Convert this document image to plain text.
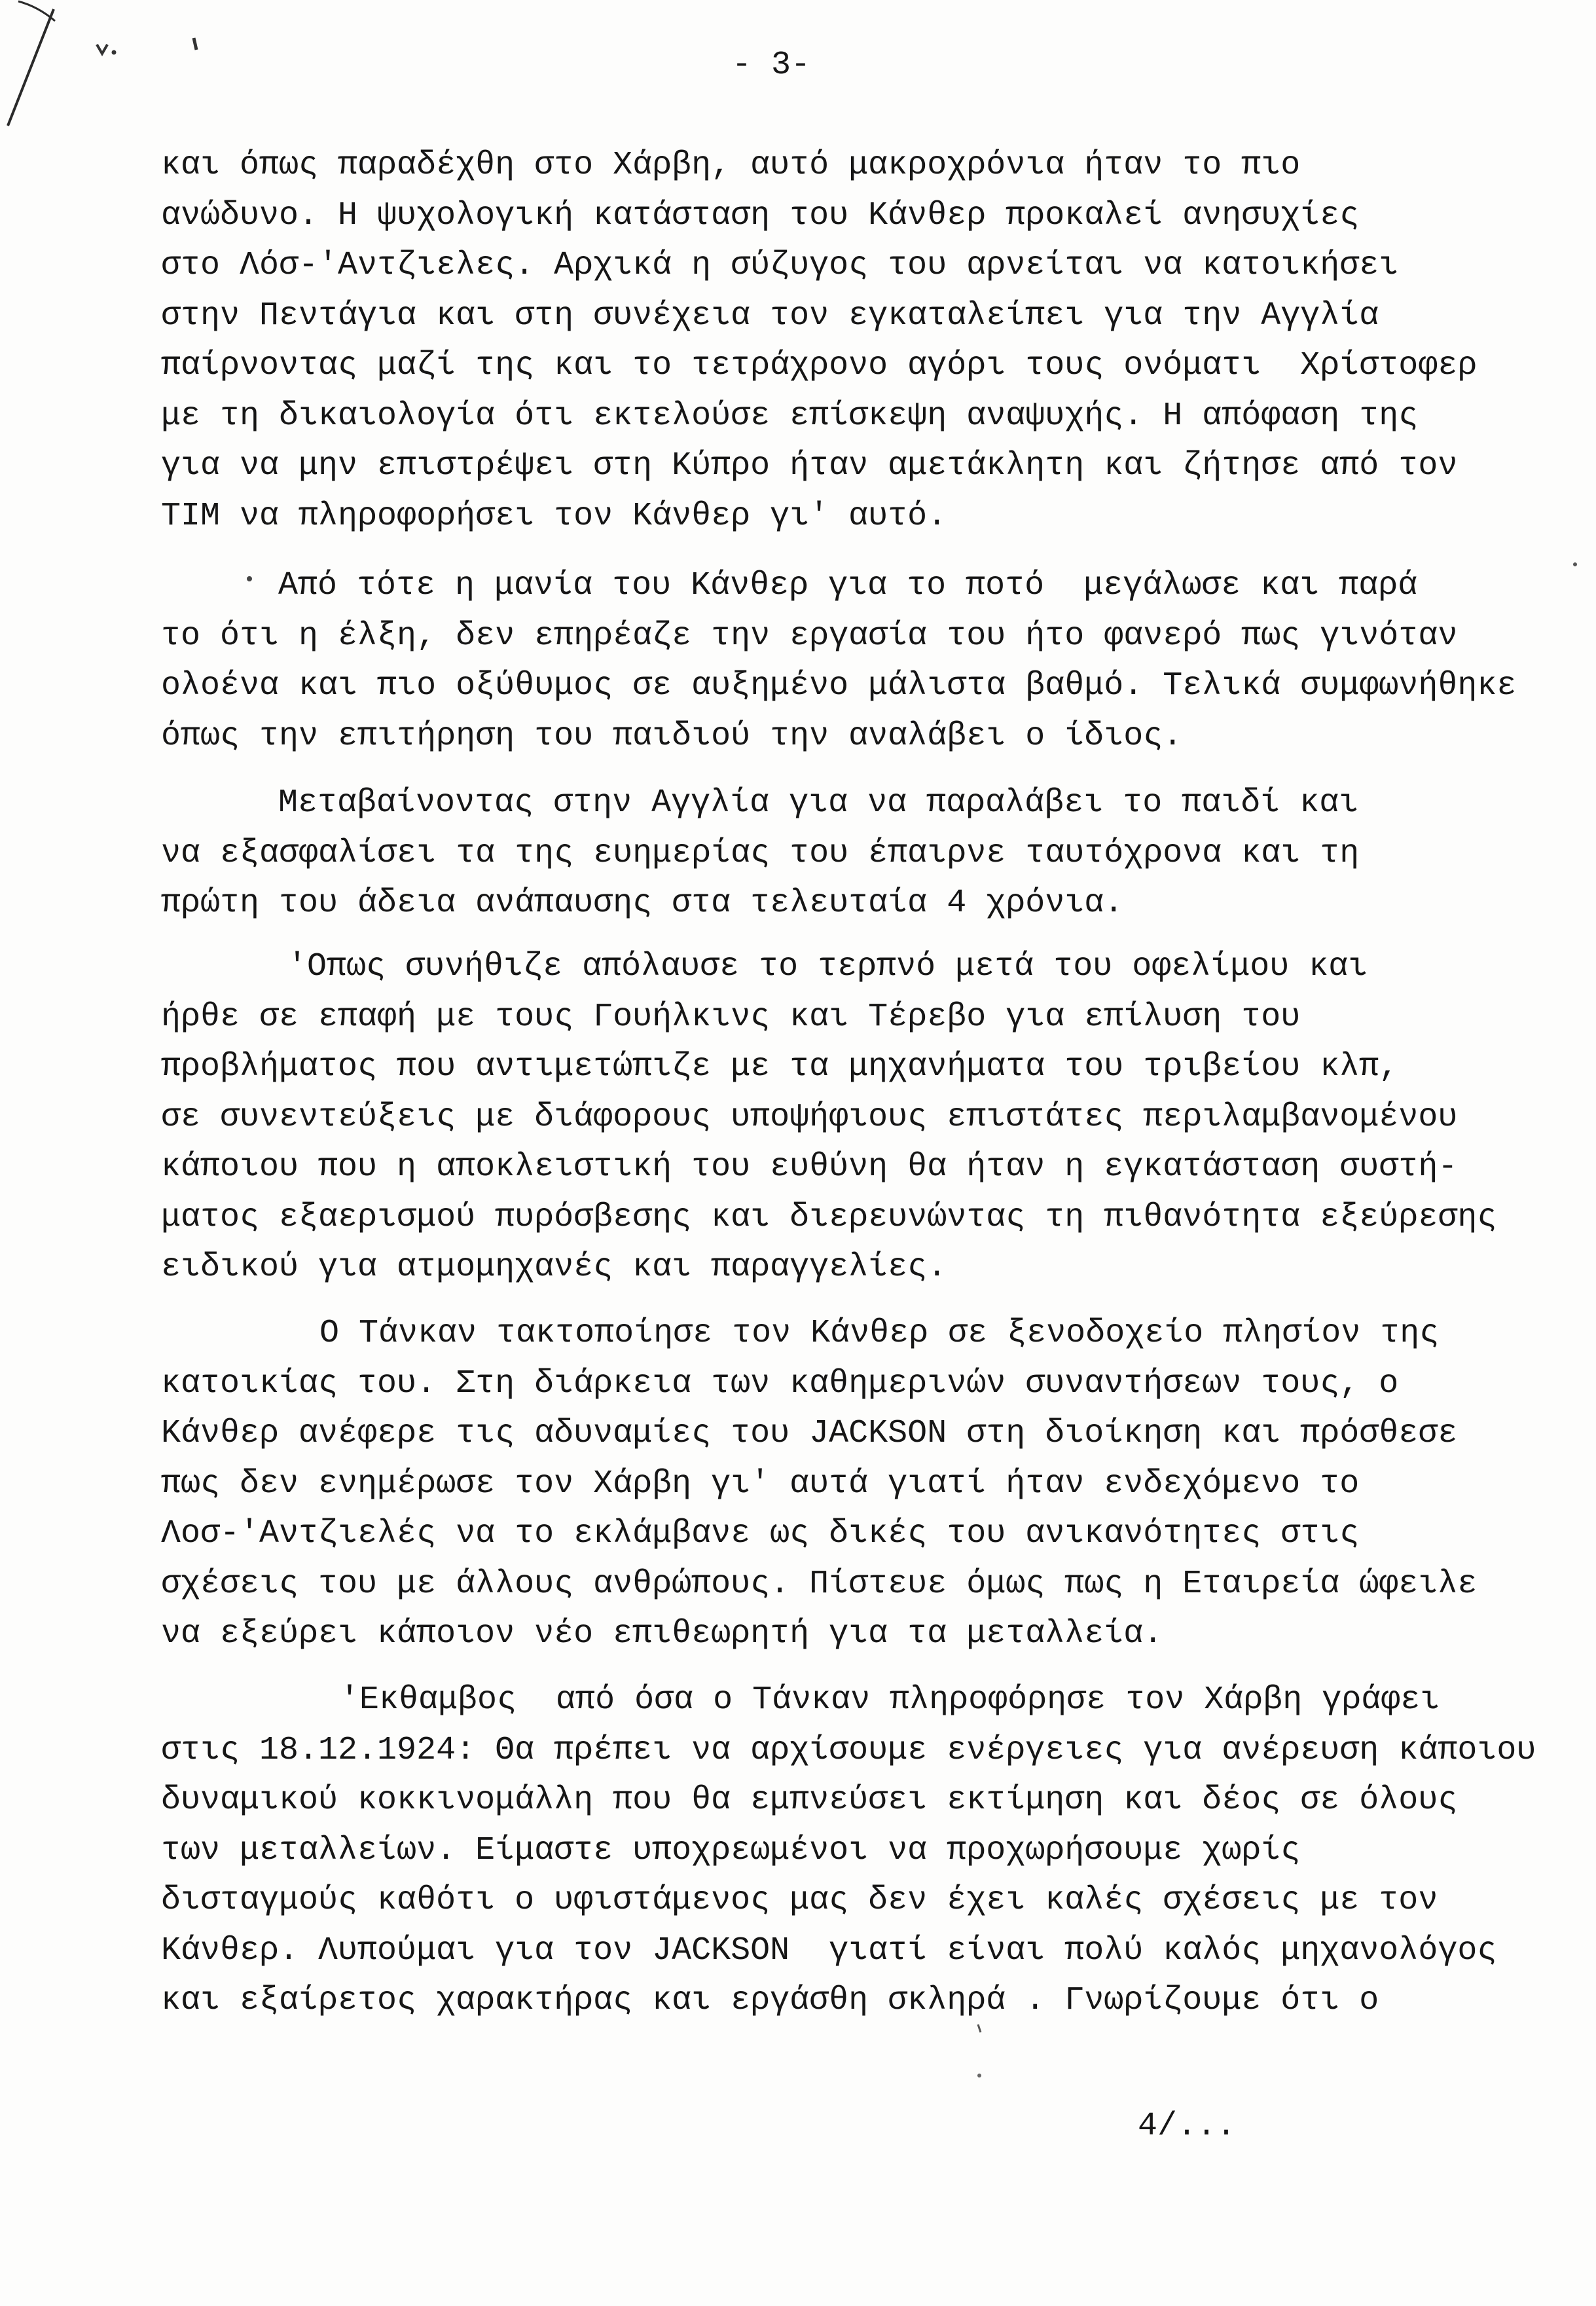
- 3-
και όπως παραδέχθη στο Χάρβη, αυτό μακροχρόνια ήταν το πιο
ανώδυνο. Η ψυχολογική κατάσταση του Κάνθερ προκαλεί ανησυχίες
στο Λόσ-'Αντζιελες. Αρχικά η σύζυγος του αρνείται να κατοικήσει
στην Πεντάγια και στη συνέχεια τον εγκαταλείπει για την Αγγλία
παίρνοντας μαζί της και το τετράχρονο αγόρι τους ονόματι  Χρίστοφερ
με τη δικαιολογία ότι εκτελούσε επίσκεψη αναψυχής. Η απόφαση της
για να μην επιστρέψει στη Κύπρο ήταν αμετάκλητη και ζήτησε από τον
ΤΙΜ να πληροφορήσει τον Κάνθερ γι' αυτό.
Από τότε η μανία του Κάνθερ για το ποτό  μεγάλωσε και παρά
το ότι η έλξη, δεν επηρέαζε την εργασία του ήτο φανερό πως γινόταν
ολοένα και πιο οξύθυμος σε αυξημένο μάλιστα βαθμό. Τελικά συμφωνήθηκε
όπως την επιτήρηση του παιδιού την αναλάβει ο ίδιος.
Μεταβαίνοντας στην Αγγλία για να παραλάβει το παιδί και
να εξασφαλίσει τα της ευημερίας του έπαιρνε ταυτόχρονα και τη
πρώτη του άδεια ανάπαυσης στα τελευταία 4 χρόνια.
'Οπως συνήθιζε απόλαυσε το τερπνό μετά του οφελίμου και
ήρθε σε επαφή με τους Γουήλκινς και Τέρεβο για επίλυση του
προβλήματος που αντιμετώπιζε με τα μηχανήματα του τριβείου κλπ,
σε συνεντεύξεις με διάφορους υποψήφιους επιστάτες περιλαμβανομένου
κάποιου που η αποκλειστική του ευθύνη θα ήταν η εγκατάσταση συστή-
ματος εξαερισμού πυρόσβεσης και διερευνώντας τη πιθανότητα εξεύρεσης
ειδικού για ατμομηχανές και παραγγελίες.
Ο Τάνκαν τακτοποίησε τον Κάνθερ σε ξενοδοχείο πλησίον της
κατοικίας του. Στη διάρκεια των καθημερινών συναντήσεων τους, ο
Κάνθερ ανέφερε τις αδυναμίες του JACKSON στη διοίκηση και πρόσθεσε
πως δεν ενημέρωσε τον Χάρβη γι' αυτά γιατί ήταν ενδεχόμενο το
Λοσ-'Αντζιελές να το εκλάμβανε ως δικές του ανικανότητες στις
σχέσεις του με άλλους ανθρώπους. Πίστευε όμως πως η Εταιρεία ώφειλε
να εξεύρει κάποιον νέο επιθεωρητή για τα μεταλλεία.
'Εκθαμβος  από όσα ο Τάνκαν πληροφόρησε τον Χάρβη γράφει
στις 18.12.1924: Θα πρέπει να αρχίσουμε ενέργειες για ανέρευση κάποιου
δυναμικού κοκκινομάλλη που θα εμπνεύσει εκτίμηση και δέος σε όλους
των μεταλλείων. Είμαστε υποχρεωμένοι να προχωρήσουμε χωρίς
δισταγμούς καθότι ο υφιστάμενος μας δεν έχει καλές σχέσεις με τον
Κάνθερ. Λυπούμαι για τον JACKSON  γιατί είναι πολύ καλός μηχανολόγος
και εξαίρετος χαρακτήρας και εργάσθη σκληρά . Γνωρίζουμε ότι ο
4/...
